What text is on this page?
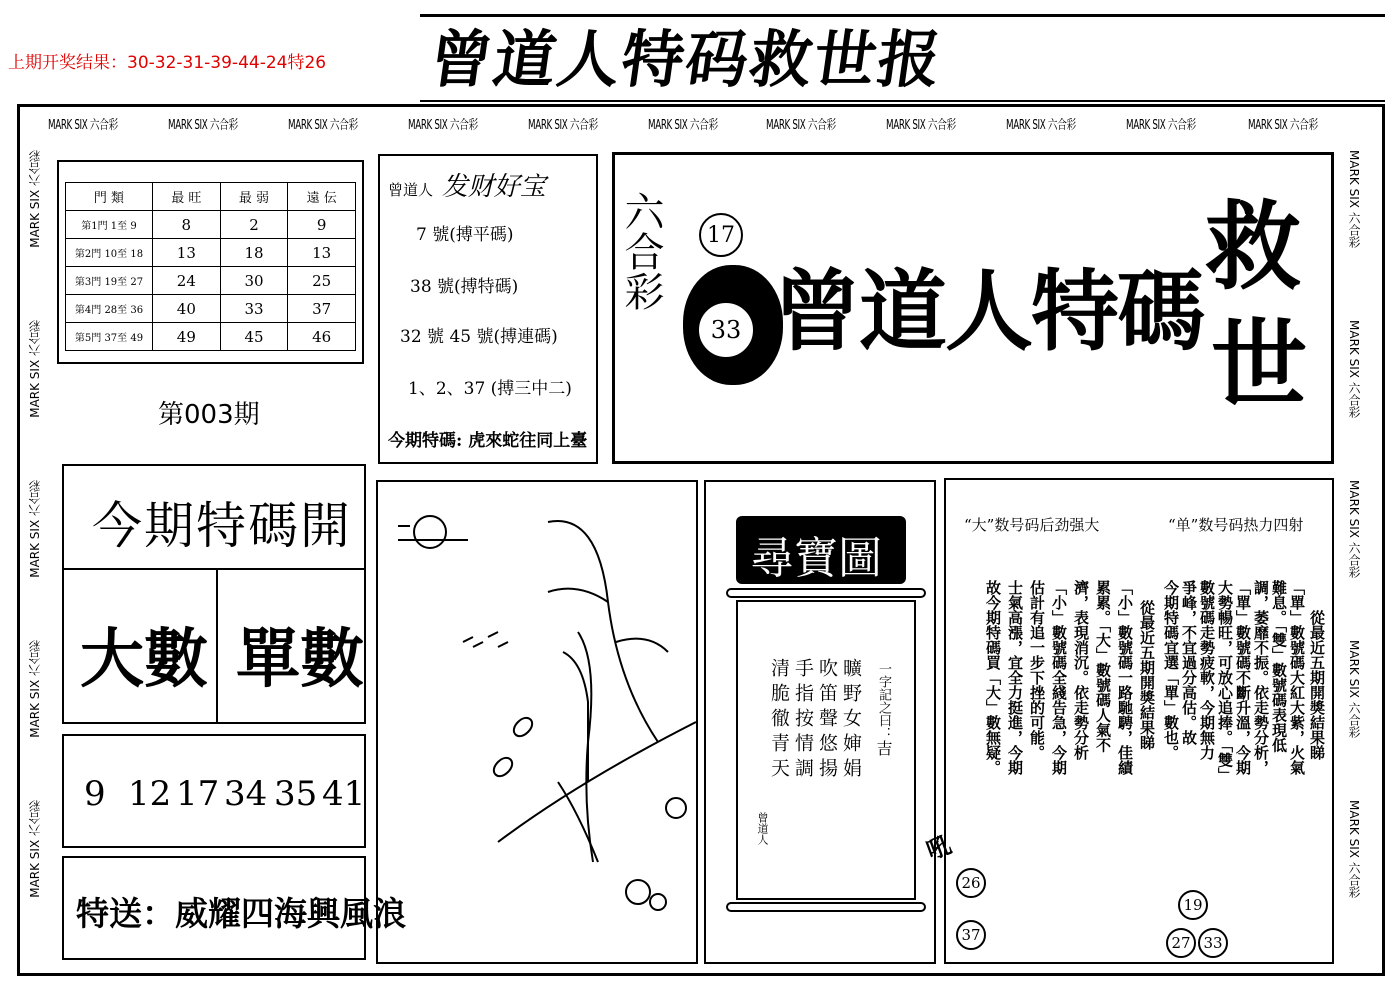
上期开奖结果：30-32-31-39-44-24特26 曾道人特码救世报
MARK SIX 六合彩	MARK SIX 六合彩	MARK SIX 六合彩	MARK SIX 六合彩	MARK SIX 六合彩	MARK SIX 六合彩	MARK SIX 六合彩	MARK SIX 六合彩	MARK SIX 六合彩	MARK SIX 六合彩	MARK SIX 六合彩
MARK SIX 六合彩
MARK SIX 六合彩
MARK SIX 六合彩
MARK SIX 六合彩
MARK SIX 六合彩
MARK SIX 六合彩
MARK SIX 六合彩
MARK SIX 六合彩
MARK SIX 六合彩
MARK SIX 六合彩
門 類	最 旺	最 弱	遠 伝
第1門 1至 9	8	2	9
第2門 10至 18	13	18	13
第3門 19至 27	24	30	25
第4門 28至 36	40	33	37
第5門 37至 49	49	45	46
第003期
曾道人 发财好宝
7 號(搏平碼)
38 號(搏特碼)
32 號 45 號(搏連碼)
1、2、37 (搏三中二)
今期特碼: 虎來蛇往同上臺
六合彩	17
33 曾道人特碼
救
世
今期特碼開
大數 單數
9 12 17 34 35 41
特送：威耀四海興風浪
尋寶圖
一字記之曰：吉
曠野女婶娟
吹笛聲悠揚
手指按情調
清脆徹青天
曾道人
“大”数号码后劲强大	“单”数号码热力四射
從最近五期開獎結果睇
「小」數號碼一路馳騁，佳績
累累。「大」數號碼人氣不
濟，表現消沉。依走勢分析
「小」數號碼全綫告急，今期
估計有追一步下挫的可能。
士氣高漲，宜全力挺進，今期
故今期特碼買「大」數無疑。	從最近五期開獎結果睇
「單」數號碼大紅大紫，火氣
難息。「雙」數號碼表現低
調，萎靡不振。依走勢分析，
「單」數號碼不斷升溫，今期
大勢暢旺，可放心追捧。「雙」
數號碼走勢疲軟，今期無力
爭峰，不宜過分高估。故
今期特碼宜選「單」數也。
26
37
19
27 33
吼
